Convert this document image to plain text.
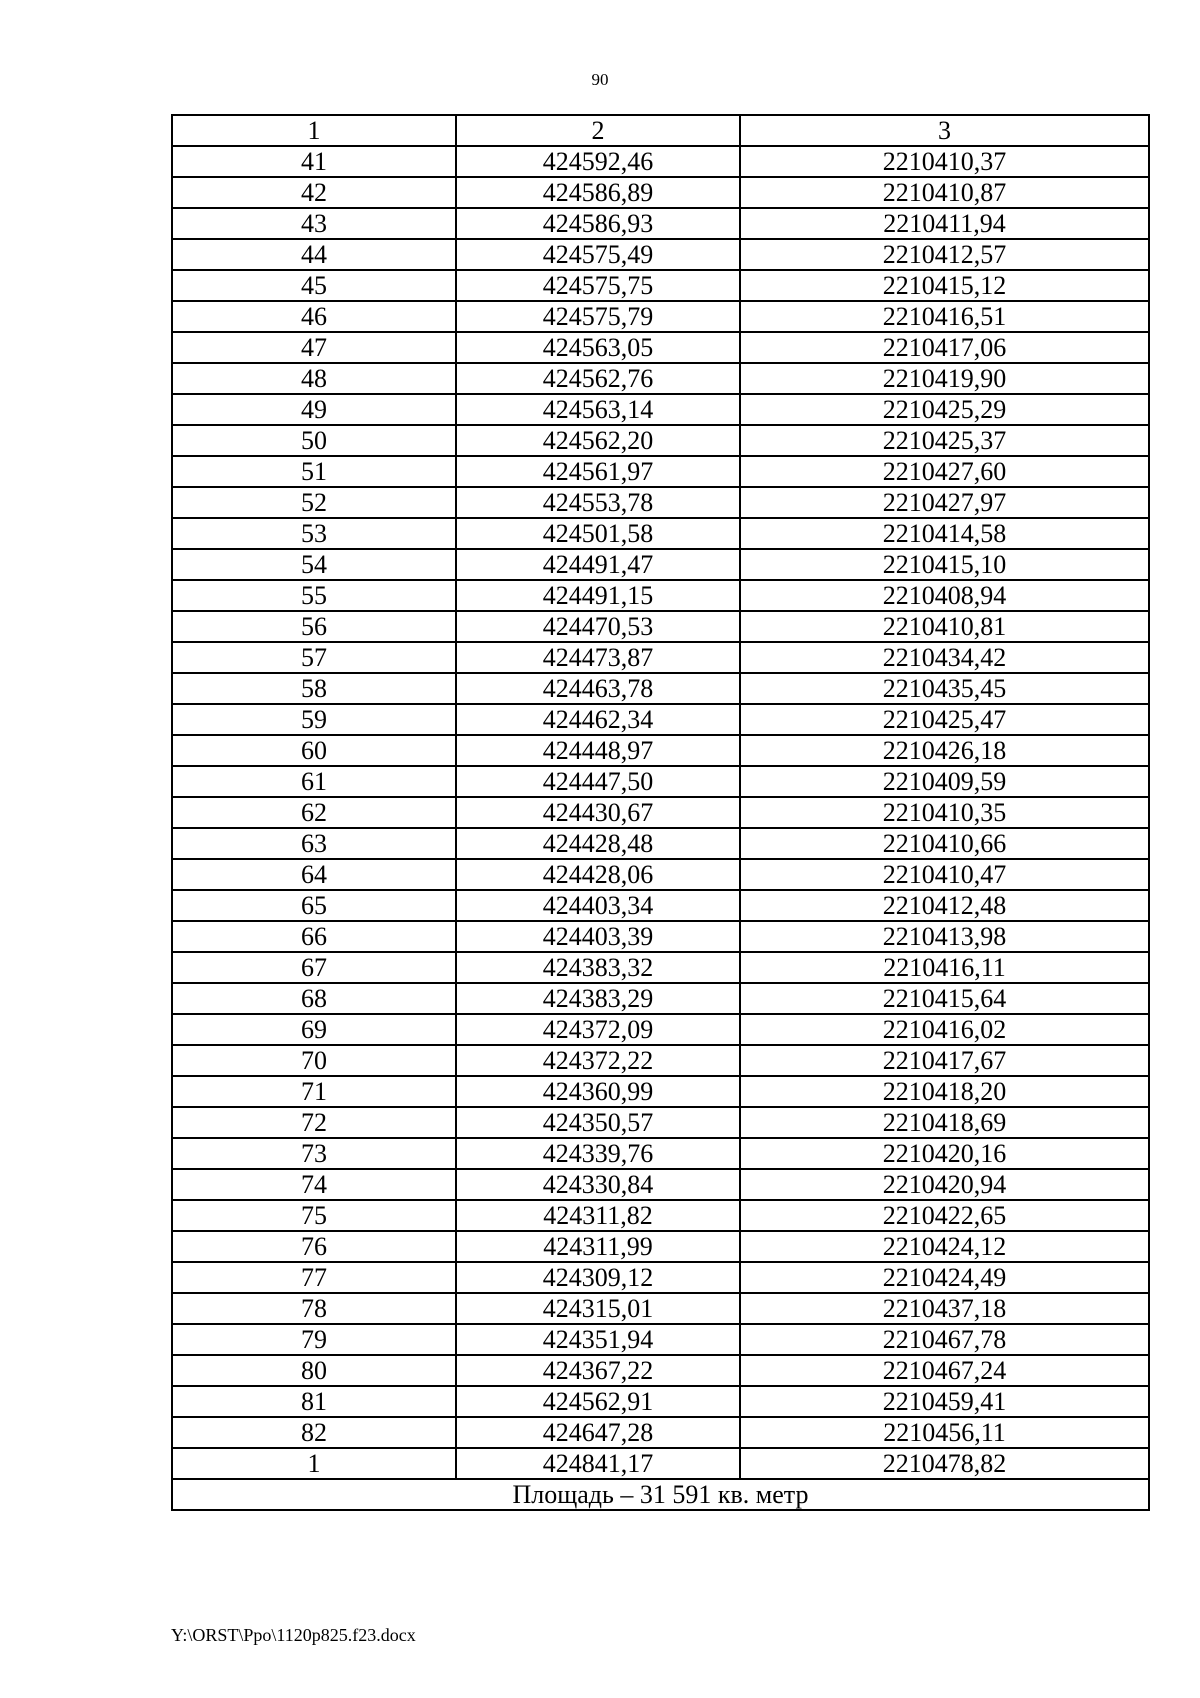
90
1	2	3
41	424592,46	2210410,37
42	424586,89	2210410,87
43	424586,93	2210411,94
44	424575,49	2210412,57
45	424575,75	2210415,12
46	424575,79	2210416,51
47	424563,05	2210417,06
48	424562,76	2210419,90
49	424563,14	2210425,29
50	424562,20	2210425,37
51	424561,97	2210427,60
52	424553,78	2210427,97
53	424501,58	2210414,58
54	424491,47	2210415,10
55	424491,15	2210408,94
56	424470,53	2210410,81
57	424473,87	2210434,42
58	424463,78	2210435,45
59	424462,34	2210425,47
60	424448,97	2210426,18
61	424447,50	2210409,59
62	424430,67	2210410,35
63	424428,48	2210410,66
64	424428,06	2210410,47
65	424403,34	2210412,48
66	424403,39	2210413,98
67	424383,32	2210416,11
68	424383,29	2210415,64
69	424372,09	2210416,02
70	424372,22	2210417,67
71	424360,99	2210418,20
72	424350,57	2210418,69
73	424339,76	2210420,16
74	424330,84	2210420,94
75	424311,82	2210422,65
76	424311,99	2210424,12
77	424309,12	2210424,49
78	424315,01	2210437,18
79	424351,94	2210467,78
80	424367,22	2210467,24
81	424562,91	2210459,41
82	424647,28	2210456,11
1	424841,17	2210478,82
Площадь – 31 591 кв. метр		
Y:\ORST\Ppo\1120p825.f23.docx
